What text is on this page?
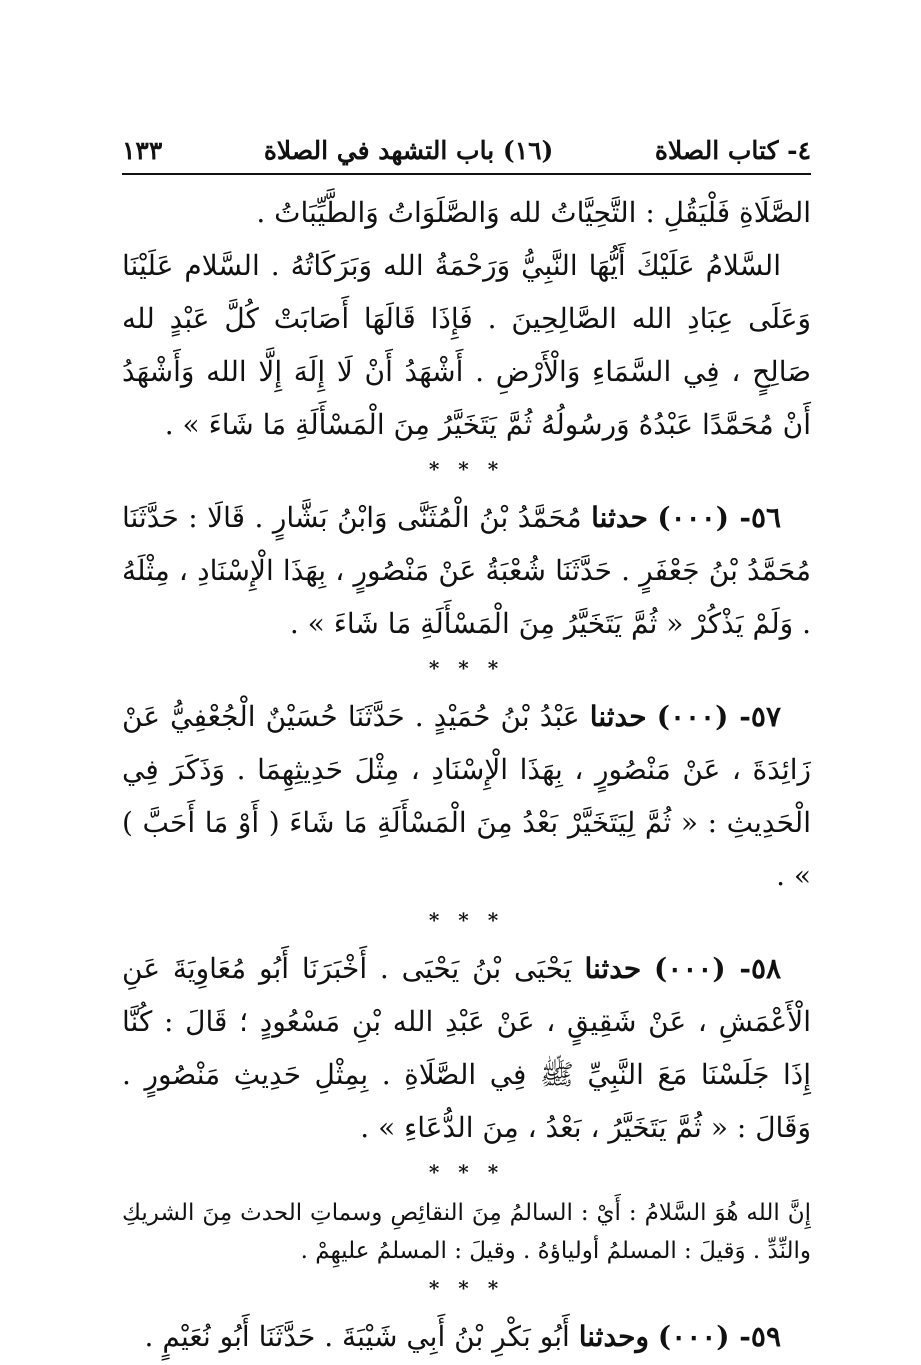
٤- كتاب الصلاة
(١٦) باب التشهد في الصلاة
١٣٣

الصَّلَاةِ فَلْيَقُلِ : التَّحِيَّاتُ لله وَالصَّلَوَاتُ وَالطَّيِّبَاتُ .

السَّلامُ عَلَيْكَ أَيُّهَا النَّبِيُّ وَرَحْمَةُ الله وَبَرَكَاتُهُ . السَّلام عَلَيْنَا وَعَلَى عِبَادِ الله الصَّالِحِينَ . فَإِذَا قَالَهَا أَصَابَتْ كُلَّ عَبْدٍ لله صَالِحٍ ، فِي السَّمَاءِ وَالْأَرْضِ . أَشْهَدُ أَنْ لَا إِلَهَ إِلَّا الله وَأَشْهَدُ أَنْ مُحَمَّدًا عَبْدُهُ وَرسُولُهُ ثُمَّ يَتَخَيَّرُ مِنَ الْمَسْأَلَةِ مَا شَاءَ » .

* * *

٥٦- (٠٠٠) حدثنا مُحَمَّدُ بْنُ الْمُثَنَّى وَابْنُ بَشَّارٍ . قَالَا : حَدَّثَنَا مُحَمَّدُ بْنُ جَعْفَرٍ . حَدَّثَنَا شُعْبَةُ عَنْ مَنْصُورٍ ، بِهَذَا الْإِسْنَادِ ، مِثْلَهُ . وَلَمْ يَذْكُرْ « ثُمَّ يَتَخَيَّرُ مِنَ الْمَسْأَلَةِ مَا شَاءَ » .

* * *

٥٧- (٠٠٠) حدثنا عَبْدُ بْنُ حُمَيْدٍ . حَدَّثَنَا حُسَيْنٌ الْجُعْفِيُّ عَنْ زَائِدَةَ ، عَنْ مَنْصُورٍ ، بِهَذَا الْإِسْنَادِ ، مِثْلَ حَدِيثِهِمَا . وَذَكَرَ فِي الْحَدِيثِ : « ثُمَّ لِيَتَخَيَّرْ بَعْدُ مِنَ الْمَسْأَلَةِ مَا شَاءَ ( أَوْ مَا أَحَبَّ ) » .

* * *

٥٨- (٠٠٠) حدثنا يَحْيَى بْنُ يَحْيَى . أَخْبَرَنَا أَبُو مُعَاوِيَةَ عَنِ الْأَعْمَشِ ، عَنْ شَقِيقٍ ، عَنْ عَبْدِ الله بْنِ مَسْعُودٍ ؛ قَالَ : كُنَّا إِذَا جَلَسْنَا مَعَ النَّبِيِّ ﷺ فِي الصَّلَاةِ . بِمِثْلِ حَدِيثِ مَنْصُورٍ . وَقَالَ : « ثُمَّ يَتَخَيَّرُ ، بَعْدُ ، مِنَ الدُّعَاءِ » .

* * *

إِنَّ الله هُوَ السَّلامُ : أَيْ : السالمُ مِنَ النقائِصِ وسماتِ الحدث مِنَ الشريكِ والنِّدِّ . وَقيلَ : المسلمُ أولياؤهُ . وقيلَ : المسلمُ عليهِمْ .

* * *

٥٩- (٠٠٠) وحدثنا أَبُو بَكْرِ بْنُ أَبِي شَيْبَةَ . حَدَّثَنَا أَبُو نُعَيْمٍ .
